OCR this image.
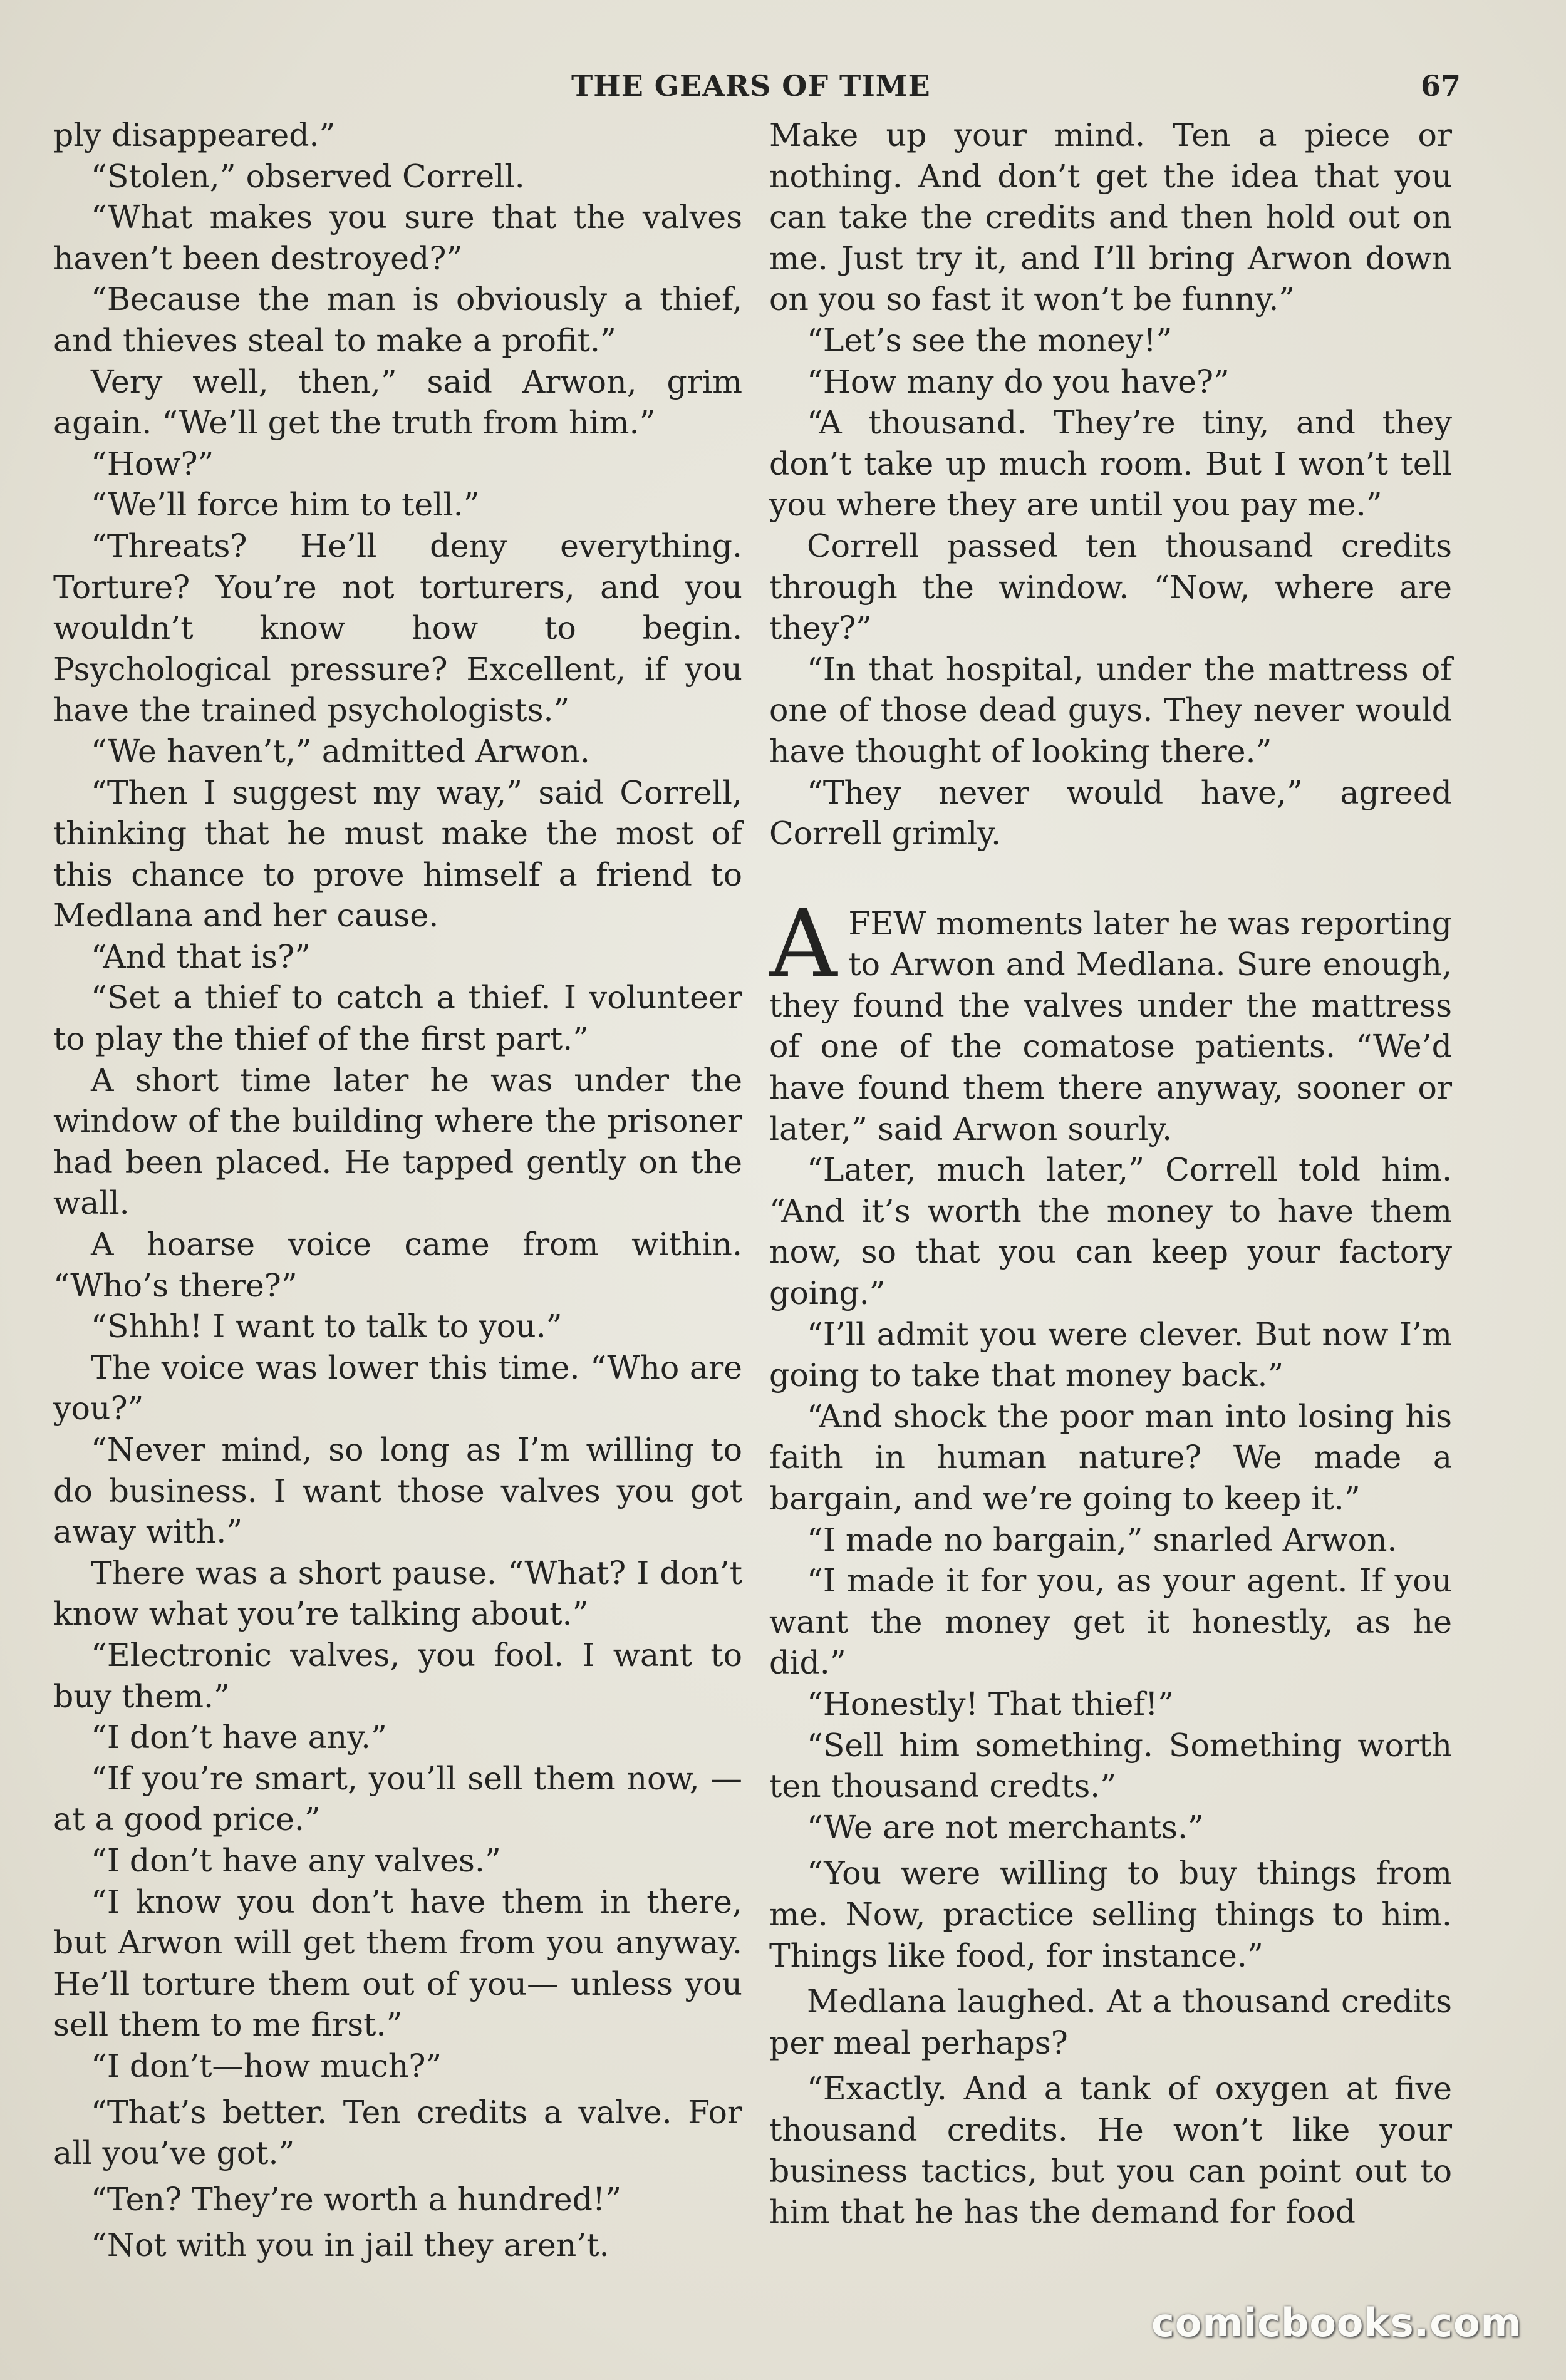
THE GEARS OF TIME	67

ply disappeared.”

“Stolen,” observed Correll.

“What makes you sure that the valves haven’t been destroyed?”

“Because the man is obviously a thief, and thieves steal to make a profit.”

Very well, then,” said Arwon, grim again. “We’ll get the truth from him.”

“How?”

“We’ll force him to tell.”

“Threats? He’ll deny everything. Torture? You’re not torturers, and you wouldn’t know how to begin. Psychological pressure? Excellent, if you have the trained psychologists.”

“We haven’t,” admitted Arwon.

“Then I suggest my way,” said Correll, thinking that he must make the most of this chance to prove himself a friend to Medlana and her cause.

“And that is?”

“Set a thief to catch a thief. I volunteer to play the thief of the first part.”

A short time later he was under the window of the building where the prisoner had been placed. He tapped gently on the wall.

A hoarse voice came from within. “Who’s there?”

“Shhh! I want to talk to you.”

The voice was lower this time. “Who are you?”

“Never mind, so long as I’m willing to do business. I want those valves you got away with.”

There was a short pause. “What? I don’t know what you’re talking about.”

“Electronic valves, you fool. I want to buy them.”

“I don’t have any.”

“If you’re smart, you’ll sell them now, —at a good price.”

“I don’t have any valves.”

“I know you don’t have them in there, but Arwon will get them from you anyway. He’ll torture them out of you— unless you sell them to me first.”

“I don’t—how much?”

“That’s better. Ten credits a valve. For all you’ve got.”

“Ten? They’re worth a hundred!”

“Not with you in jail they aren’t.

Make up your mind. Ten a piece or nothing. And don’t get the idea that you can take the credits and then hold out on me. Just try it, and I’ll bring Arwon down on you so fast it won’t be funny.”

“Let’s see the money!”

“How many do you have?”

“A thousand. They’re tiny, and they don’t take up much room. But I won’t tell you where they are until you pay me.”

Correll passed ten thousand credits through the window. “Now, where are they?”

“In that hospital, under the mattress of one of those dead guys. They never would have thought of looking there.”

“They never would have,” agreed Correll grimly.

AFEW moments later he was reporting to Arwon and Medlana. Sure enough, they found the valves under the mattress of one of the comatose patients. “We’d have found them there anyway, sooner or later,” said Arwon sourly.

“Later, much later,” Correll told him. “And it’s worth the money to have them now, so that you can keep your factory going.”

“I’ll admit you were clever. But now I’m going to take that money back.”

“And shock the poor man into losing his faith in human nature? We made a bargain, and we’re going to keep it.”

“I made no bargain,” snarled Arwon.

“I made it for you, as your agent. If you want the money get it honestly, as he did.”

“Honestly! That thief!”

“Sell him something. Something worth ten thousand credts.”

“We are not merchants.”

“You were willing to buy things from me. Now, practice selling things to him. Things like food, for instance.”

Medlana laughed. At a thousand credits per meal perhaps?

“Exactly. And a tank of oxygen at five thousand credits. He won’t like your business tactics, but you can point out to him that he has the demand for food

comicbooks.com
